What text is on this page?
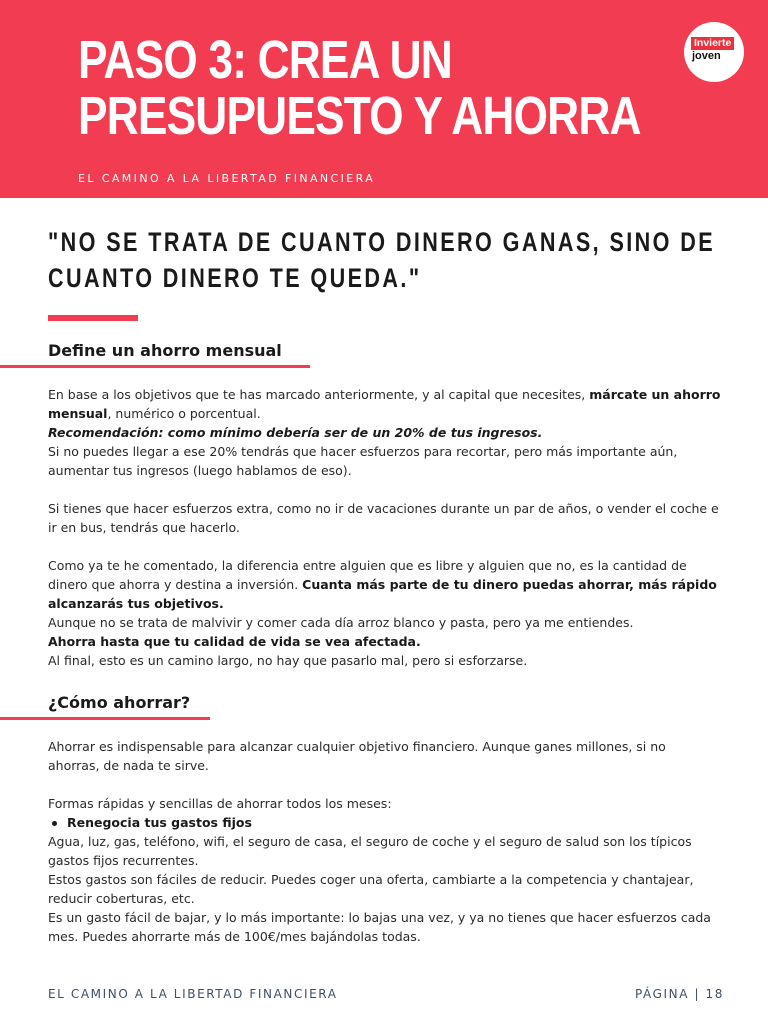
PASO 3: CREA UN
PRESUPUESTO Y AHORRA
EL CAMINO A LA LIBERTAD FINANCIERA
Invierte
joven
"NO SE TRATA DE CUANTO DINERO GANAS, SINO DE
CUANTO DINERO TE QUEDA."
Define un ahorro mensual

En base a los objetivos que te has marcado anteriormente, y al capital que necesites, márcate un ahorro
mensual, numérico o porcentual.
Recomendación: como mínimo debería ser de un 20% de tus ingresos.
Si no puedes llegar a ese 20% tendrás que hacer esfuerzos para recortar, pero más importante aún,
aumentar tus ingresos (luego hablamos de eso).

Si tienes que hacer esfuerzos extra, como no ir de vacaciones durante un par de años, o vender el coche e
ir en bus, tendrás que hacerlo.

Como ya te he comentado, la diferencia entre alguien que es libre y alguien que no, es la cantidad de
dinero que ahorra y destina a inversión. Cuanta más parte de tu dinero puedas ahorrar, más rápido
alcanzarás tus objetivos.
Aunque no se trata de malvivir y comer cada día arroz blanco y pasta, pero ya me entiendes.
Ahorra hasta que tu calidad de vida se vea afectada.
Al final, esto es un camino largo, no hay que pasarlo mal, pero si esforzarse.

¿Cómo ahorrar?

Ahorrar es indispensable para alcanzar cualquier objetivo financiero. Aunque ganes millones, si no
ahorras, de nada te sirve.

Formas rápidas y sencillas de ahorrar todos los meses:
Renegocia tus gastos fijos
Agua, luz, gas, teléfono, wifi, el seguro de casa, el seguro de coche y el seguro de salud son los típicos
gastos fijos recurrentes.
Estos gastos son fáciles de reducir. Puedes coger una oferta, cambiarte a la competencia y chantajear,
reducir coberturas, etc.
Es un gasto fácil de bajar, y lo más importante: lo bajas una vez, y ya no tienes que hacer esfuerzos cada
mes. Puedes ahorrarte más de 100€/mes bajándolas todas.

EL CAMINO A LA LIBERTAD FINANCIERA	PÁGINA | 18
